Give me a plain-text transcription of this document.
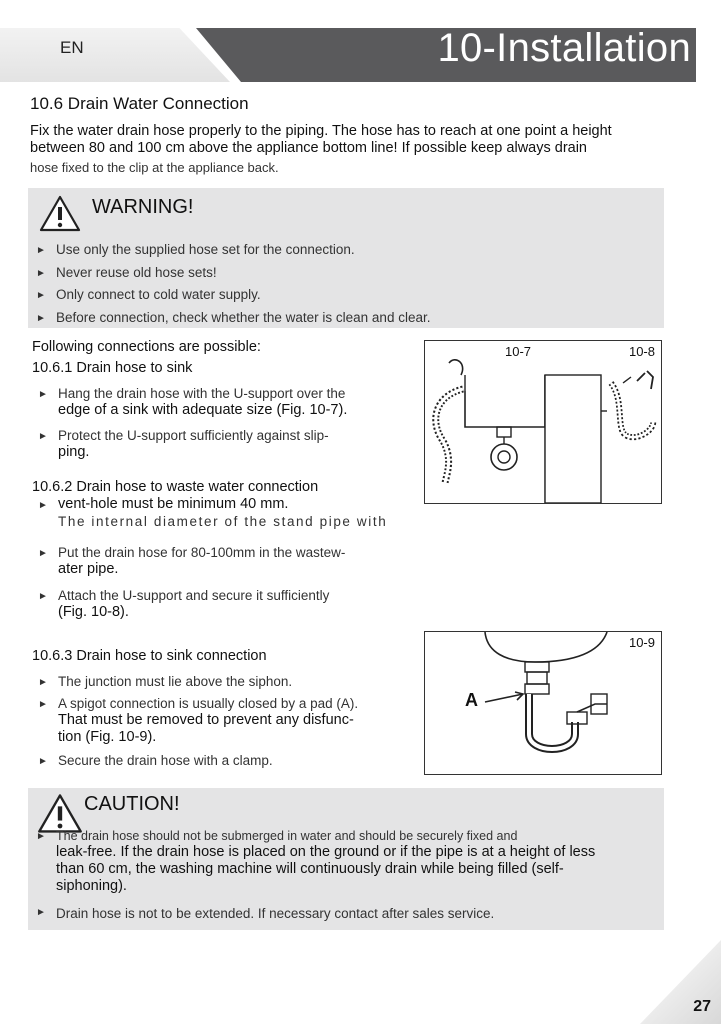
EN	10-Installation
10.6 Drain Water Connection
Fix the water drain hose properly to the piping. The hose has to reach at one point a height
between 80 and 100 cm above the appliance bottom line! If possible keep always drain
hose fixed to the clip at the appliance back.
WARNING!
► Use only the supplied hose set for the connection.
► Never reuse old hose sets!
► Only connect to cold water supply.
► Before connection, check whether the water is clean and clear.
Following connections are possible:
10.6.1 Drain hose to sink
► Hang the drain hose with the U-support over the
edge of a sink with adequate size (Fig. 10-7).
► Protect the U-support sufficiently against slip-
ping.
10.6.2 Drain hose to waste water connection
► vent-hole must be minimum 40 mm.
The internal diameter of the stand pipe with
► Put the drain hose for 80-100mm in the wastew-
ater pipe.
► Attach the U-support and secure it sufficiently
(Fig. 10-8).
10.6.3 Drain hose to sink connection
► The junction must lie above the siphon.
► A spigot connection is usually closed by a pad (A).
That must be removed to prevent any disfunc-
tion (Fig. 10-9).
► Secure the drain hose with a clamp.
10-7	10-8
10-9
A
CAUTION!
► The drain hose should not be submerged in water and should be securely fixed and
leak-free. If the drain hose is placed on the ground or if the pipe is at a height of less
than 60 cm, the washing machine will continuously drain while being filled (self-
siphoning).
► Drain hose is not to be extended. If necessary contact after sales service.
27
